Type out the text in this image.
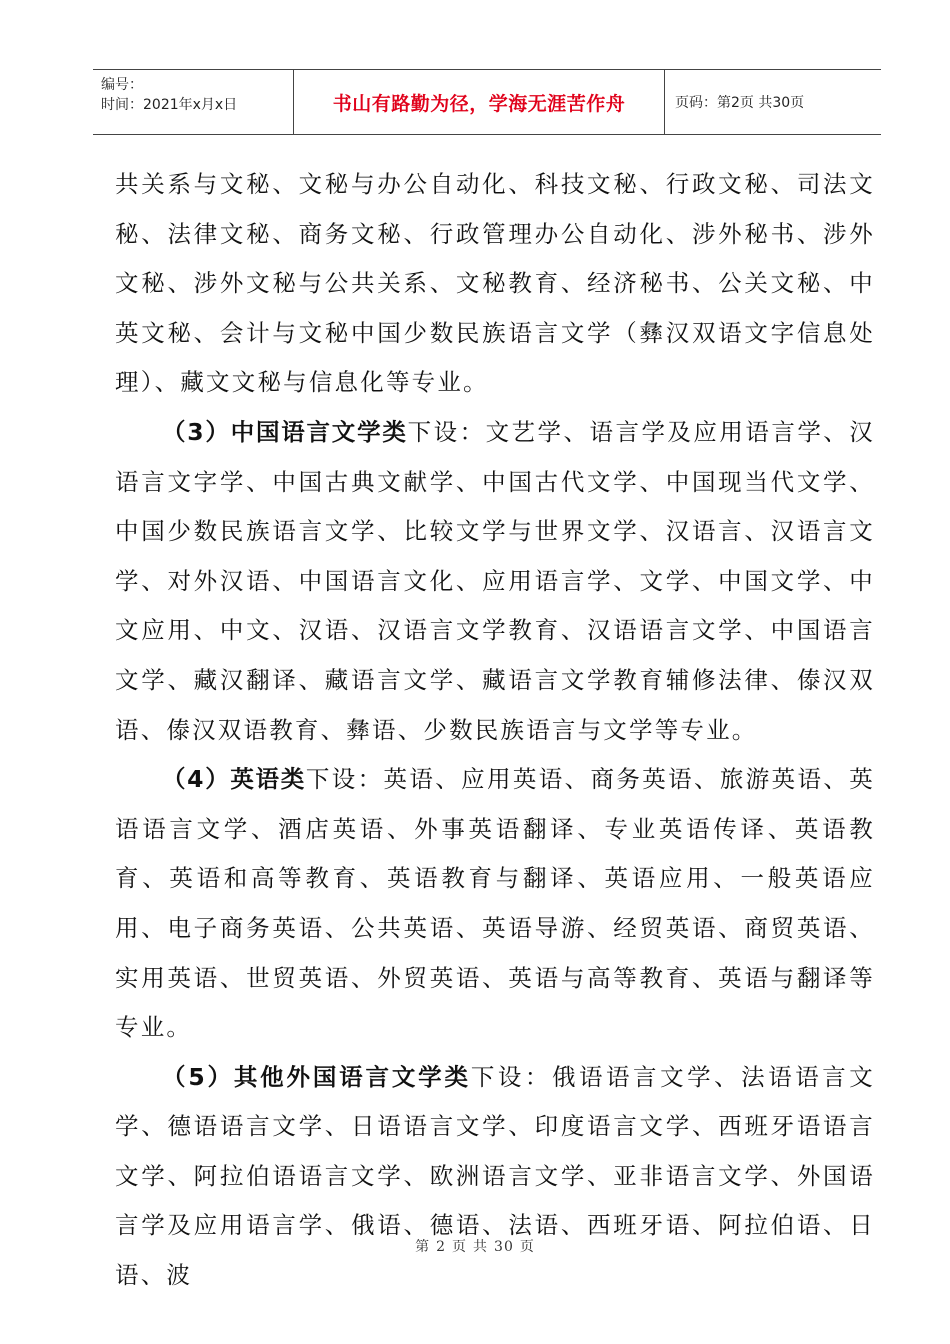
编号：
时间：2021年x月x日	书山有路勤为径，学海无涯苦作舟	页码：第2页 共30页

共关系与文秘、文秘与办公自动化、科技文秘、行政文秘、司法文秘、法律文秘、商务文秘、行政管理办公自动化、涉外秘书、涉外文秘、涉外文秘与公共关系、文秘教育、经济秘书、公关文秘、中英文秘、会计与文秘中国少数民族语言文学（彝汉双语文字信息处理）、藏文文秘与信息化等专业。

（3）中国语言文学类下设：文艺学、语言学及应用语言学、汉语言文字学、中国古典文献学、中国古代文学、中国现当代文学、中国少数民族语言文学、比较文学与世界文学、汉语言、汉语言文学、对外汉语、中国语言文化、应用语言学、文学、中国文学、中文应用、中文、汉语、汉语言文学教育、汉语语言文学、中国语言文学、藏汉翻译、藏语言文学、藏语言文学教育辅修法律、傣汉双语、傣汉双语教育、彝语、少数民族语言与文学等专业。

（4）英语类下设：英语、应用英语、商务英语、旅游英语、英语语言文学、酒店英语、外事英语翻译、专业英语传译、英语教育、英语和高等教育、英语教育与翻译、英语应用、一般英语应用、电子商务英语、公共英语、英语导游、经贸英语、商贸英语、实用英语、世贸英语、外贸英语、英语与高等教育、英语与翻译等专业。

（5）其他外国语言文学类下设：俄语语言文学、法语语言文学、德语语言文学、日语语言文学、印度语言文学、西班牙语语言文学、阿拉伯语语言文学、欧洲语言文学、亚非语言文学、外国语言学及应用语言学、俄语、德语、法语、西班牙语、阿拉伯语、日语、波

第 2 页 共 30 页
